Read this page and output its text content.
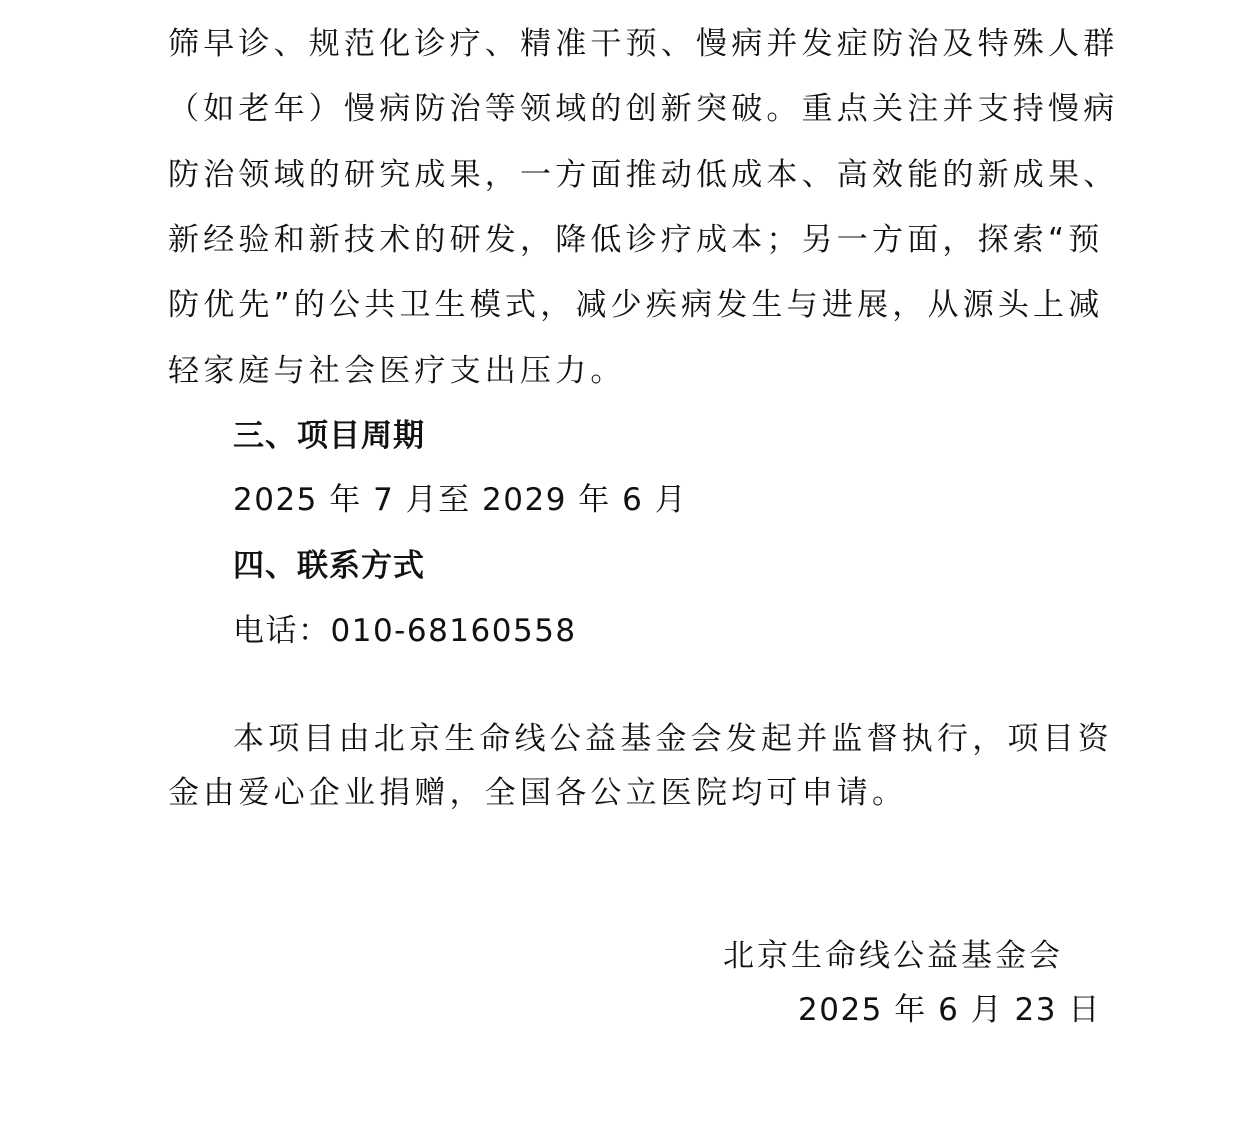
筛早诊、规范化诊疗、精准干预、慢病并发症防治及特殊人群
（如老年）慢病防治等领域的创新突破。重点关注并支持慢病
防治领域的研究成果，一方面推动低成本、高效能的新成果、
新经验和新技术的研发，降低诊疗成本；另一方面，探索“预
防优先”的公共卫生模式，减少疾病发生与进展，从源头上减
轻家庭与社会医疗支出压力。
三、项目周期
2025 年 7 月至 2029 年 6 月
四、联系方式
电话：010-68160558
本项目由北京生命线公益基金会发起并监督执行，项目资
金由爱心企业捐赠，全国各公立医院均可申请。
北京生命线公益基金会
2025 年 6 月 23 日
